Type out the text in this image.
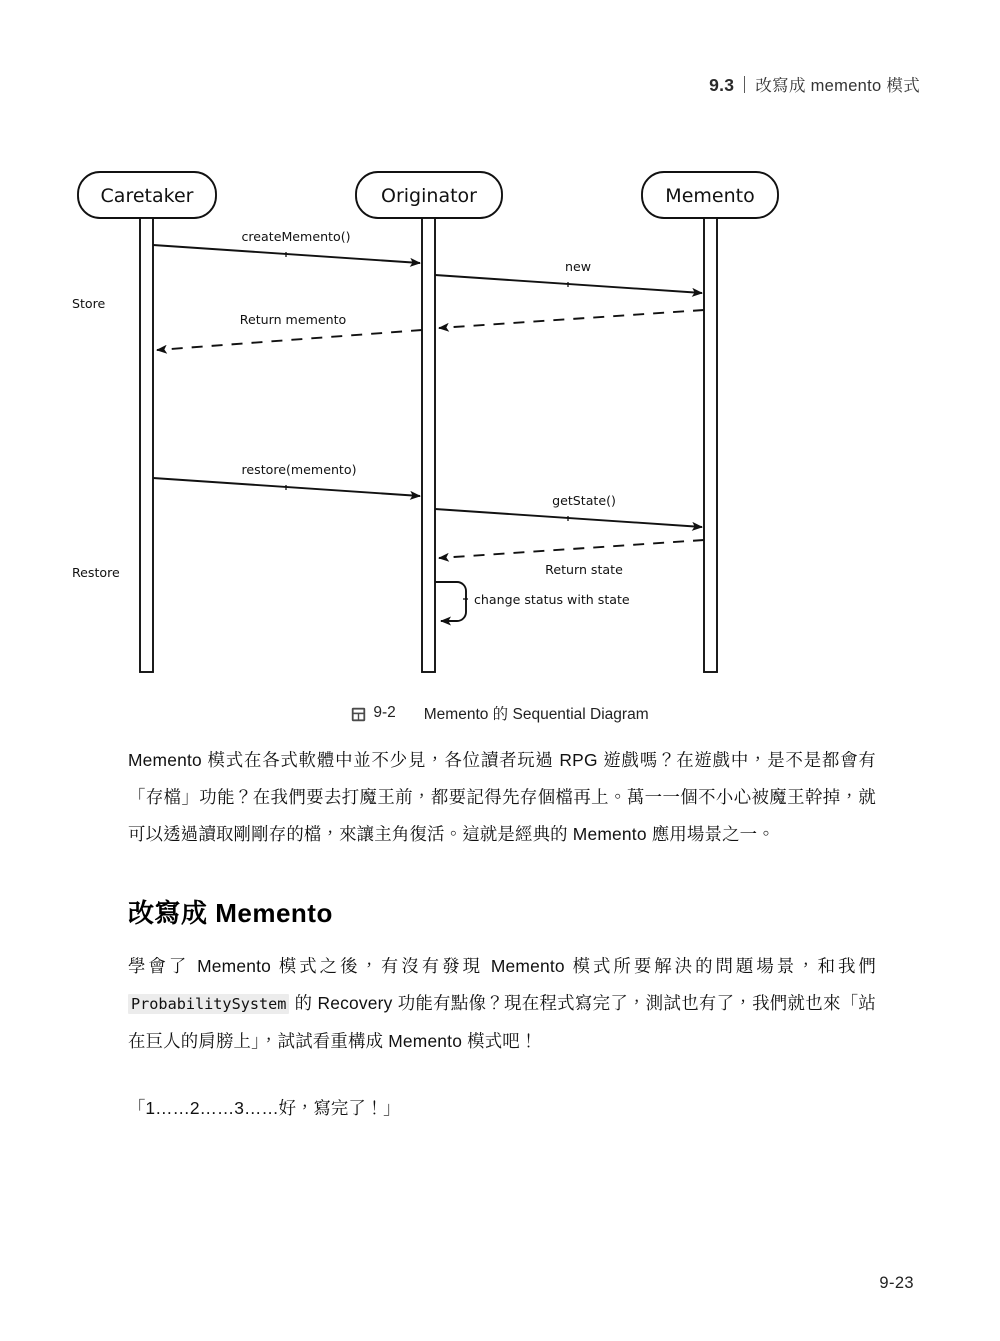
9.3 改寫成 memento 模式
Caretaker	Originator	Memento
Store
Restore
createMemento()
new
Return memento
restore(memento)
getState()
Return state
change status with state
9-2 Memento 的 Sequential Diagram

Memento 模式在各式軟體中並不少見，各位讀者玩過 RPG 遊戲嗎？在遊戲中，是不是都會有「存檔」功能？在我們要去打魔王前，都要記得先存個檔再上。萬一一個不小心被魔王幹掉，就可以透過讀取剛剛存的檔，來讓主角復活。這就是經典的 Memento 應用場景之一。

改寫成 Memento

學會了 Memento 模式之後，有沒有發現 Memento 模式所要解決的問題場景，和我們 ProbabilitySystem 的 Recovery 功能有點像？現在程式寫完了，測試也有了，我們就也來「站在巨人的肩膀上」，試試看重構成 Memento 模式吧！

「1……2……3……好，寫完了！」

9-23
